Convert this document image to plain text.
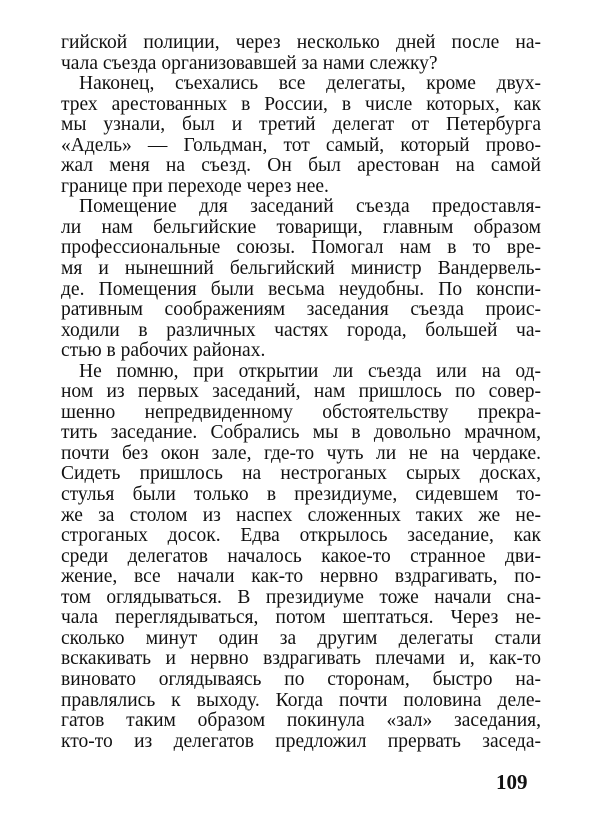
гийской полиции, через несколько дней после на-
чала съезда организовавшей за нами слежку?
Наконец, съехались все делегаты, кроме двух-
трех арестованных в России, в числе которых, как
мы узнали, был и третий делегат от Петербурга
«Адель» — Гольдман, тот самый, который прово-
жал меня на съезд. Он был арестован на самой
границе при переходе через нее.
Помещение для заседаний съезда предоставля-
ли нам бельгийские товарищи, главным образом
профессиональные союзы. Помогал нам в то вре-
мя и нынешний бельгийский министр Вандервель-
де. Помещения были весьма неудобны. По конспи-
ративным соображениям заседания съезда проис-
ходили в различных частях города, большей ча-
стью в рабочих районах.
Не помню, при открытии ли съезда или на од-
ном из первых заседаний, нам пришлось по совер-
шенно непредвиденному обстоятельству прекра-
тить заседание. Собрались мы в довольно мрачном,
почти без окон зале, где-то чуть ли не на чердаке.
Сидеть пришлось на нестроганых сырых досках,
стулья были только в президиуме, сидевшем то-
же за столом из наспех сложенных таких же не-
строганых досок. Едва открылось заседание, как
среди делегатов началось какое-то странное дви-
жение, все начали как-то нервно вздрагивать, по-
том оглядываться. В президиуме тоже начали сна-
чала переглядываться, потом шептаться. Через не-
сколько минут один за другим делегаты стали
вскакивать и нервно вздрагивать плечами и, как-то
виновато оглядываясь по сторонам, быстро на-
правлялись к выходу. Когда почти половина деле-
гатов таким образом покинула «зал» заседания,
кто-то из делегатов предложил прервать заседа-
109
